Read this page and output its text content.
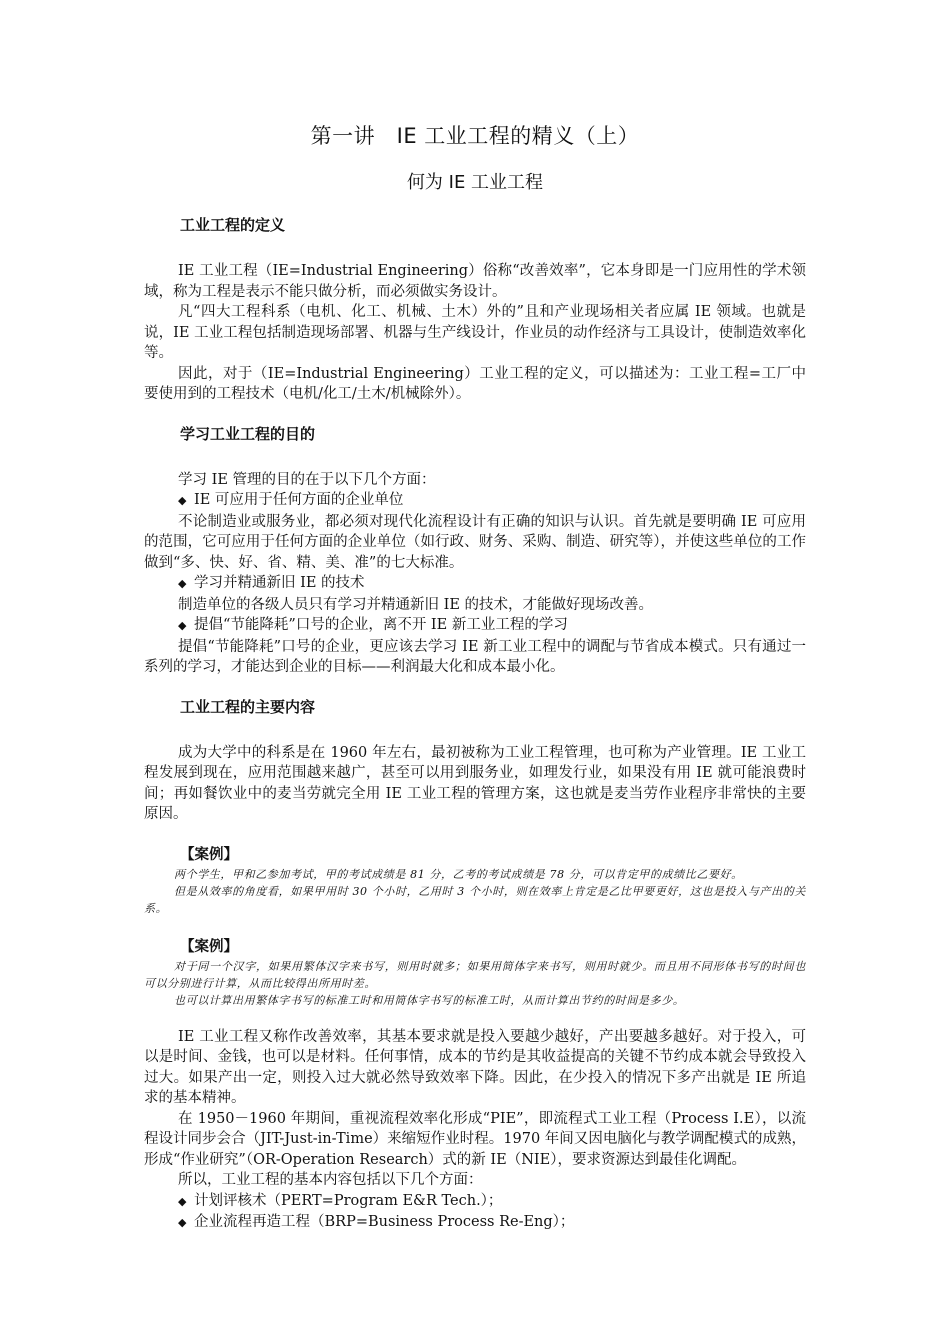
第一讲　IE 工业工程的精义（上）
何为 IE 工业工程
工业工程的定义

IE 工业工程（IE=Industrial Engineering）俗称“改善效率”，它本身即是一门应用性的学术领域，称为工程是表示不能只做分析，而必须做实务设计。

凡“四大工程科系（电机、化工、机械、土木）外的”且和产业现场相关者应属 IE 领域。也就是说，IE 工业工程包括制造现场部署、机器与生产线设计，作业员的动作经济与工具设计，使制造效率化等。

因此，对于（IE=Industrial Engineering）工业工程的定义，可以描述为：工业工程=工厂中要使用到的工程技术（电机/化工/土木/机械除外）。

学习工业工程的目的

学习 IE 管理的目的在于以下几个方面：

◆ IE 可应用于任何方面的企业单位

不论制造业或服务业，都必须对现代化流程设计有正确的知识与认识。首先就是要明确 IE 可应用的范围，它可应用于任何方面的企业单位（如行政、财务、采购、制造、研究等），并使这些单位的工作做到“多、快、好、省、精、美、准”的七大标准。

◆ 学习并精通新旧 IE 的技术

制造单位的各级人员只有学习并精通新旧 IE 的技术，才能做好现场改善。

◆ 提倡“节能降耗”口号的企业，离不开 IE 新工业工程的学习

提倡“节能降耗”口号的企业，更应该去学习 IE 新工业工程中的调配与节省成本模式。只有通过一系列的学习，才能达到企业的目标——利润最大化和成本最小化。

工业工程的主要内容

成为大学中的科系是在 1960 年左右，最初被称为工业工程管理，也可称为产业管理。IE 工业工程发展到现在，应用范围越来越广，甚至可以用到服务业，如理发行业，如果没有用 IE 就可能浪费时间；再如餐饮业中的麦当劳就完全用 IE 工业工程的管理方案，这也就是麦当劳作业程序非常快的主要原因。

【案例】

两个学生，甲和乙参加考试，甲的考试成绩是 81 分，乙考的考试成绩是 78 分，可以肯定甲的成绩比乙要好。

但是从效率的角度看，如果甲用时 30 个小时，乙用时 3 个小时，则在效率上肯定是乙比甲要更好，这也是投入与产出的关系。

【案例】

对于同一个汉字，如果用繁体汉字来书写，则用时就多；如果用简体字来书写，则用时就少。而且用不同形体书写的时间也可以分别进行计算，从而比较得出所用时差。

也可以计算出用繁体字书写的标准工时和用简体字书写的标准工时，从而计算出节约的时间是多少。

IE 工业工程又称作改善效率，其基本要求就是投入要越少越好，产出要越多越好。对于投入，可以是时间、金钱，也可以是材料。任何事情，成本的节约是其收益提高的关键不节约成本就会导致投入过大。如果产出一定，则投入过大就必然导致效率下降。因此，在少投入的情况下多产出就是 IE 所追求的基本精神。

在 1950－1960 年期间，重视流程效率化形成“PIE”，即流程式工业工程（Process I.E），以流程设计同步会合（JIT-Just-in-Time）来缩短作业时程。1970 年间又因电脑化与教学调配模式的成熟，形成“作业研究”（OR-Operation Research）式的新 IE（NIE），要求资源达到最佳化调配。

所以，工业工程的基本内容包括以下几个方面：

◆ 计划评核术（PERT=Program E&R Tech.）；
◆ 企业流程再造工程（BRP=Business Process Re-Eng）；
